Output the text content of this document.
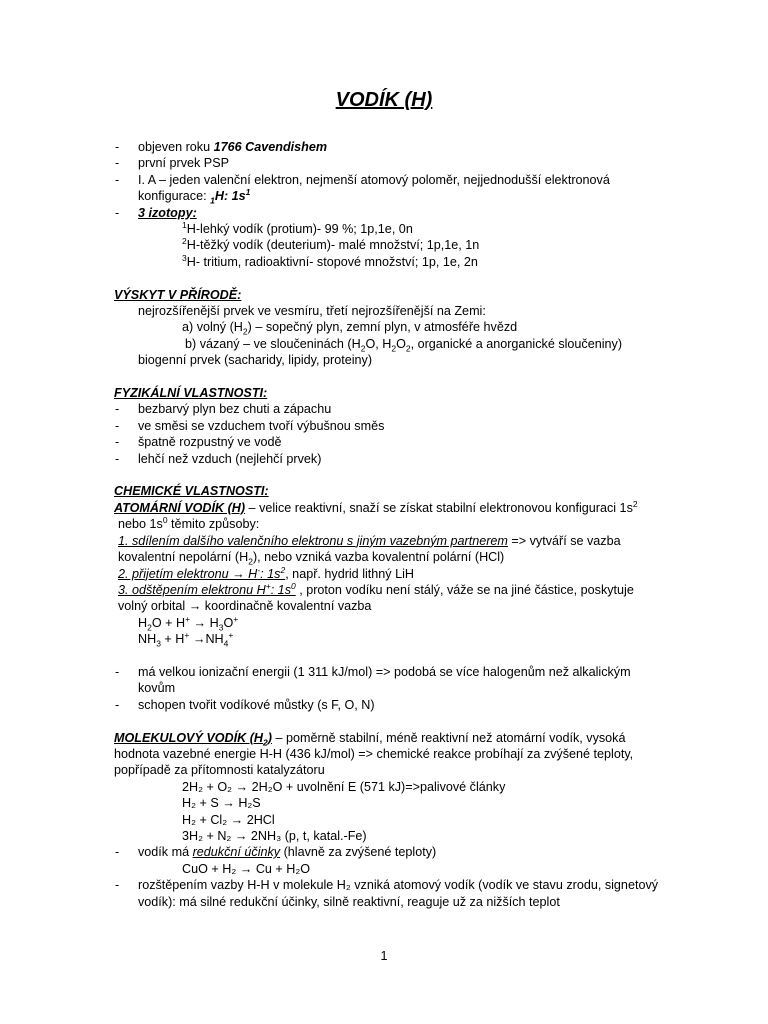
VODÍK (H)
- objeven roku 1766 Cavendishem
- první prvek PSP
- I. A – jeden valenční elektron, nejmenší atomový poloměr, nejjednodušší elektronová
konfigurace: $_1$H: $1s^1$
- 3 izotopy:
$^1$H-lehký vodík (protium)- 99 %; 1p,1e, 0n
$^2$H-těžký vodík (deuterium)- malé množství; 1p,1e, 1n
$^3$H- tritium, radioaktivní- stopové množství; 1p, 1e, 2n
VÝSKYT V PŘÍRODĚ:
nejrozšířenější prvek ve vesmíru, třetí nejrozšířenější na Zemi:
a) volný $(H_2)$ – sopečný plyn, zemní plyn, v atmosféře hvězd
b) vázaný – ve sloučeninách ($H_2O$, $H_2O_2$, organické a anorganické sloučeniny)
biogenní prvek (sacharidy, lipidy, proteiny)
FYZIKÁLNÍ VLASTNOSTI:
- bezbarvý plyn bez chuti a zápachu
- ve směsi se vzduchem tvoří výbušnou směs
- špatně rozpustný ve vodě
- lehčí než vzduch (nejlehčí prvek)
CHEMICKÉ VLASTNOSTI:
ATOMÁRNÍ VODÍK (H) – velice reaktivní, snaží se získat stabilní elektronovou konfiguraci $1s^2$
nebo $1s^0$ těmito způsoby:
1. sdílením dalšího valenčního elektronu s jiným vazebným partnerem => vytváří se vazba
kovalentní nepolární $(H_2)$, nebo vzniká vazba kovalentní polární (HCl)
2. přijetím elektronu → H-: $1s^2$, např. hydrid lithný LiH
3. odštěpením elektronu H+: $1s^0$ , proton vodíku není stálý, váže se na jiné částice, poskytuje
volný orbital → koordinačně kovalentní vazba
$H_2O + H^+ \to H_3O^+$
$NH_3 + H^+ \to NH_4^+$
- má velkou ionizační energii (1 311 kJ/mol) => podobá se více halogenům než alkalickým
kovům
- schopen tvořit vodíkové můstky (s F, O, N)
MOLEKULOVÝ VODÍK $(H_2)$ – poměrně stabilní, méně reaktivní než atomární vodík, vysoká
hodnota vazebné energie H-H (436 kJ/mol) => chemické reakce probíhají za zvýšené teploty,
popřípadě za přítomnosti katalyzátoru
2H₂ + O₂ → 2H₂O + uvolnění E (571 kJ)=>palivové články
H₂ + S → H₂S
H₂ + Cl₂ → 2HCl
3H₂ + N₂ → 2NH₃ (p, t, katal.-Fe)
- vodík má redukční účinky (hlavně za zvýšené teploty)
CuO + H₂ → Cu + H₂O
- rozštěpením vazby H-H v molekule H₂ vzniká atomový vodík (vodík ve stavu zrodu, signetový
vodík): má silné redukční účinky, silně reaktivní, reaguje už za nižších teplot
1
